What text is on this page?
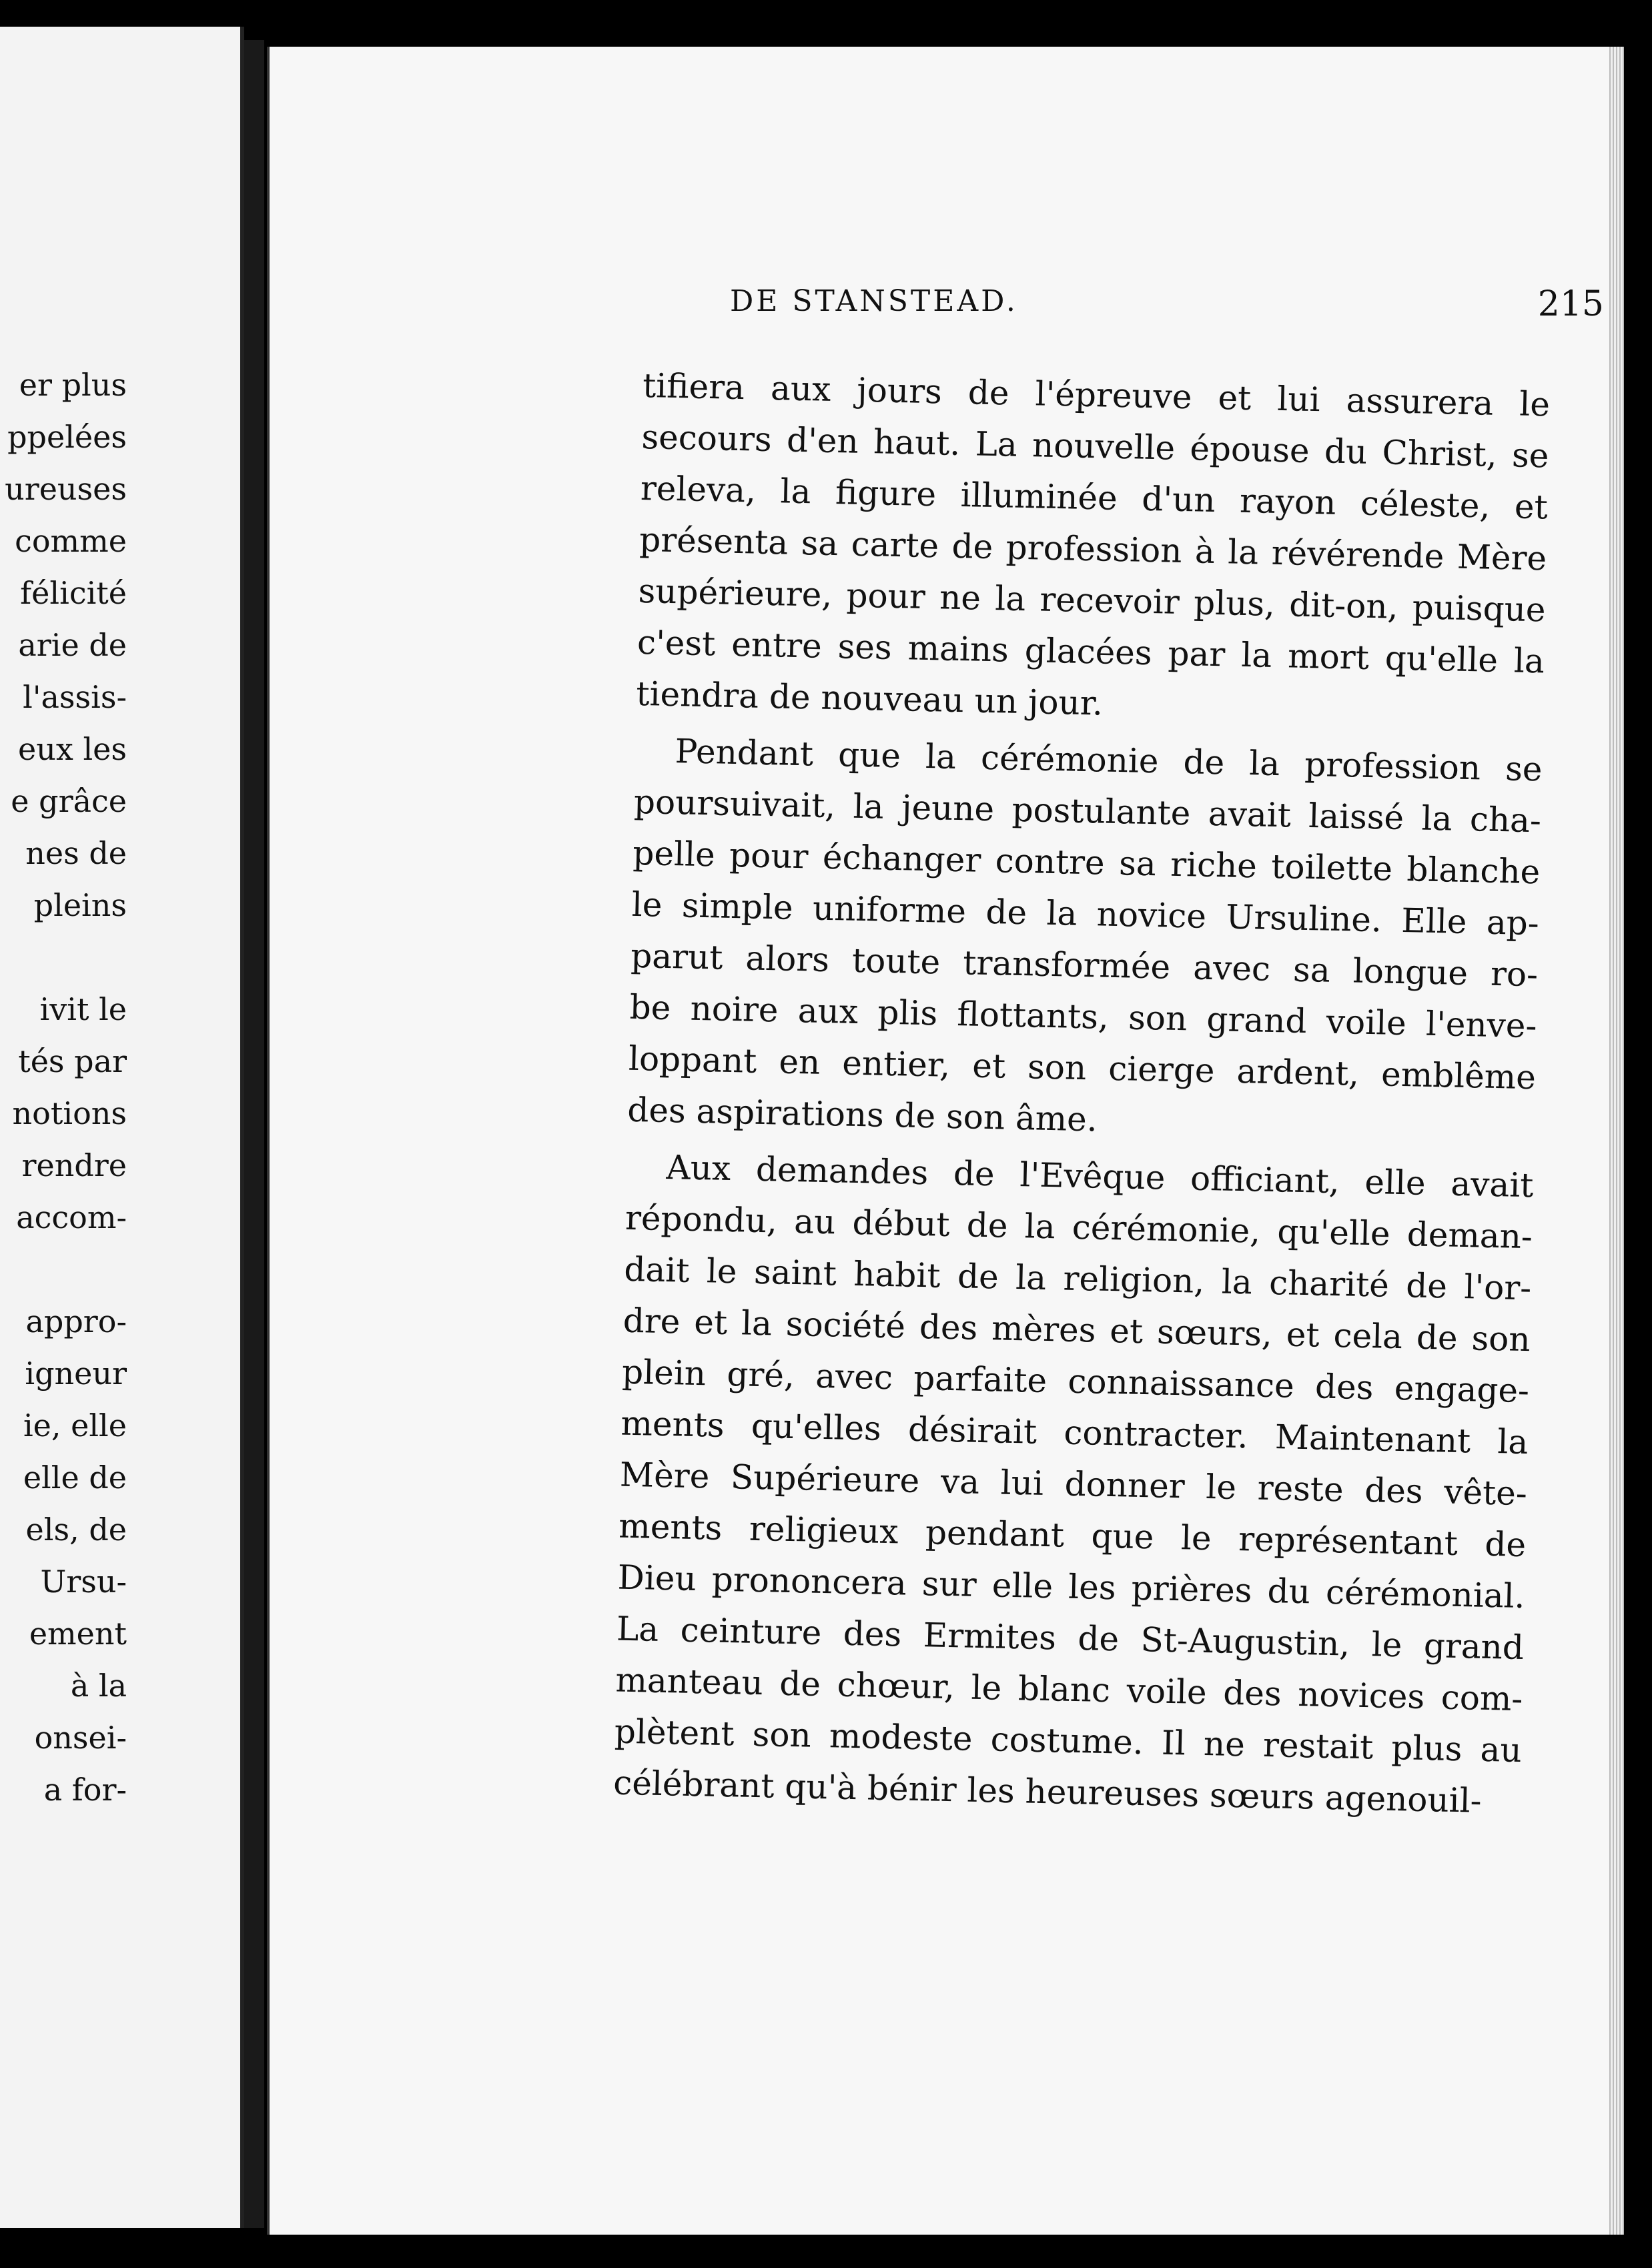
er plus
ppelées
ureuses
comme
félicité
arie de
l'assis-
eux les
e grâce
nes de
pleins
ivit le
tés par
notions
rendre
accom-
appro-
igneur
ie, elle
elle de
els, de
Ursu-
ement
à la
onsei-
a for-
DE STANSTEAD.	215
tifiera aux jours de l'épreuve et lui assurera le
secours d'en haut. La nouvelle épouse du Christ, se
releva, la figure illuminée d'un rayon céleste, et
présenta sa carte de profession à la révérende Mère
supérieure, pour ne la recevoir plus, dit-on, puisque
c'est entre ses mains glacées par la mort qu'elle la
tiendra de nouveau un jour.
Pendant que la cérémonie de la profession se
poursuivait, la jeune postulante avait laissé la cha-
pelle pour échanger contre sa riche toilette blanche
le simple uniforme de la novice Ursuline. Elle ap-
parut alors toute transformée avec sa longue ro-
be noire aux plis flottants, son grand voile l'enve-
loppant en entier, et son cierge ardent, emblême
des aspirations de son âme.
Aux demandes de l'Evêque officiant, elle avait
répondu, au début de la cérémonie, qu'elle deman-
dait le saint habit de la religion, la charité de l'or-
dre et la société des mères et sœurs, et cela de son
plein gré, avec parfaite connaissance des engage-
ments qu'elles désirait contracter. Maintenant la
Mère Supérieure va lui donner le reste des vête-
ments religieux pendant que le représentant de
Dieu prononcera sur elle les prières du cérémonial.
La ceinture des Ermites de St-Augustin, le grand
manteau de chœur, le blanc voile des novices com-
plètent son modeste costume. Il ne restait plus au
célébrant qu'à bénir les heureuses sœurs agenouil-
